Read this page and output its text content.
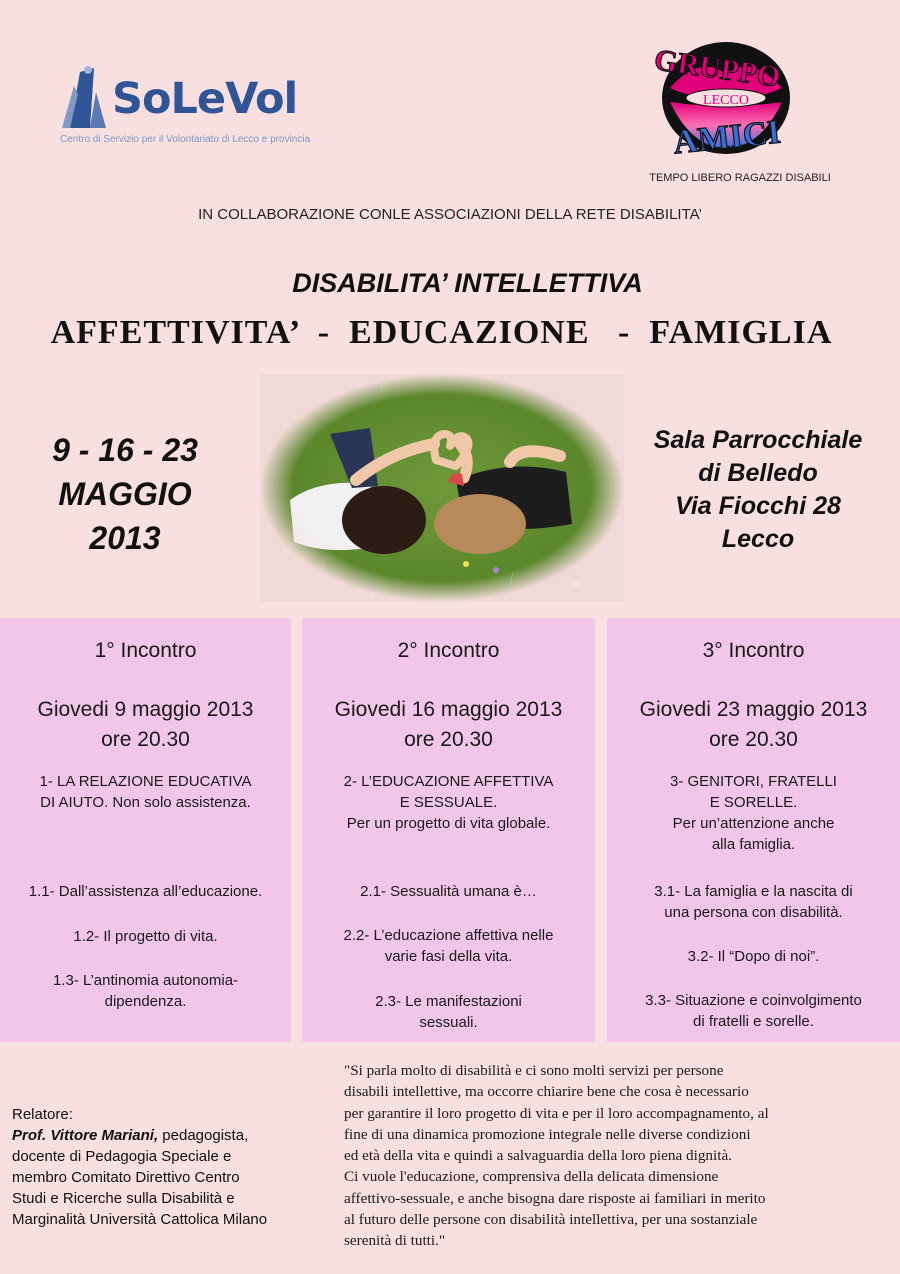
SoLeVol
Centro di Servizio per il Volontariato di Lecco e provincia
GRUPPO
LECCO
AMICI
TEMPO LIBERO RAGAZZI DISABILI
IN COLLABORAZIONE CONLE ASSOCIAZIONI DELLA RETE DISABILITA’
DISABILITA’ INTELLETTIVA
AFFETTIVITA’  -  EDUCAZIONE   -  FAMIGLIA
9 - 16 - 23
MAGGIO
2013
Sala Parrocchiale
di Belledo
Via Fiocchi 28
Lecco
1° Incontro
Giovedi 9 maggio 2013
ore 20.30
1- LA RELAZIONE EDUCATIVA
DI AIUTO. Non solo assistenza.
1.1- Dall’assistenza all’educazione.
1.2- Il progetto di vita.
1.3- L’antinomia autonomia-
dipendenza.
2° Incontro
Giovedi 16 maggio 2013
ore 20.30
2- L’EDUCAZIONE AFFETTIVA
E SESSUALE.
Per un progetto di vita globale.
2.1- Sessualità umana è…
2.2- L’educazione affettiva nelle
varie fasi della vita.
2.3- Le manifestazioni
sessuali.
3° Incontro
Giovedi 23 maggio 2013
ore 20.30
3- GENITORI, FRATELLI
E SORELLE.
Per un’attenzione anche
alla famiglia.
3.1- La famiglia e la nascita di
una persona con disabilità.
3.2- Il “Dopo di noi”.
3.3- Situazione e coinvolgimento
di fratelli e sorelle.
Relatore:
Prof. Vittore Mariani, pedagogista,
docente di Pedagogia Speciale e
membro Comitato Direttivo Centro
Studi e Ricerche sulla Disabilità e
Marginalità Università Cattolica Milano
"Si parla molto di disabilità e ci sono molti servizi per persone
disabili intellettive, ma occorre chiarire bene che cosa è necessario
per garantire il loro progetto di vita e per il loro accompagnamento, al
fine di una dinamica promozione integrale nelle diverse condizioni
ed età della vita e quindi a salvaguardia della loro piena dignità.
Ci vuole l'educazione, comprensiva della delicata dimensione
affettivo-sessuale, e anche bisogna dare risposte ai familiari in merito
al futuro delle persone con disabilità intellettiva, per una sostanziale
serenità di tutti."
